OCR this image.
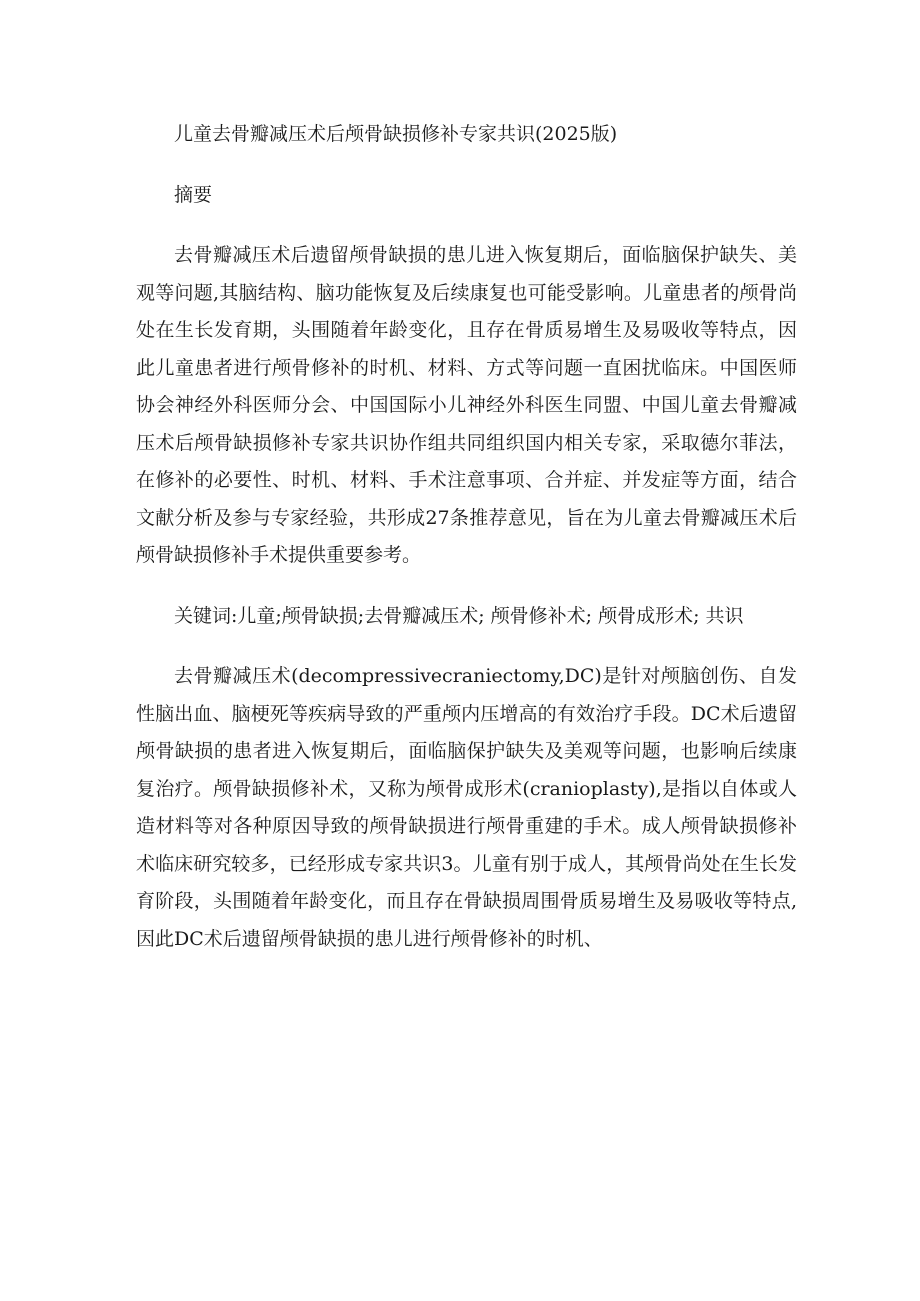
儿童去骨瓣减压术后颅骨缺损修补专家共识(2025版)

摘要

去骨瓣减压术后遗留颅骨缺损的患儿进入恢复期后，面临脑保护缺失、美观等问题,其脑结构、脑功能恢复及后续康复也可能受影响。儿童患者的颅骨尚处在生长发育期，头围随着年龄变化，且存在骨质易增生及易吸收等特点，因此儿童患者进行颅骨修补的时机、材料、方式等问题一直困扰临床。中国医师协会神经外科医师分会、中国国际小儿神经外科医生同盟、中国儿童去骨瓣减压术后颅骨缺损修补专家共识协作组共同组织国内相关专家，采取德尔菲法，在修补的必要性、时机、材料、手术注意事项、合并症、并发症等方面，结合文献分析及参与专家经验，共形成27条推荐意见，旨在为儿童去骨瓣减压术后颅骨缺损修补手术提供重要参考。

关键词:儿童;颅骨缺损;去骨瓣减压术; 颅骨修补术; 颅骨成形术; 共识

去骨瓣减压术(decompressivecraniectomy,DC)是针对颅脑创伤、自发性脑出血、脑梗死等疾病导致的严重颅内压增高的有效治疗手段。DC术后遗留颅骨缺损的患者进入恢复期后，面临脑保护缺失及美观等问题，也影响后续康复治疗。颅骨缺损修补术，又称为颅骨成形术(cranioplasty),是指以自体或人造材料等对各种原因导致的颅骨缺损进行颅骨重建的手术。成人颅骨缺损修补术临床研究较多，已经形成专家共识3。儿童有别于成人，其颅骨尚处在生长发育阶段，头围随着年龄变化，而且存在骨缺损周围骨质易增生及易吸收等特点,因此DC术后遗留颅骨缺损的患儿进行颅骨修补的时机、
